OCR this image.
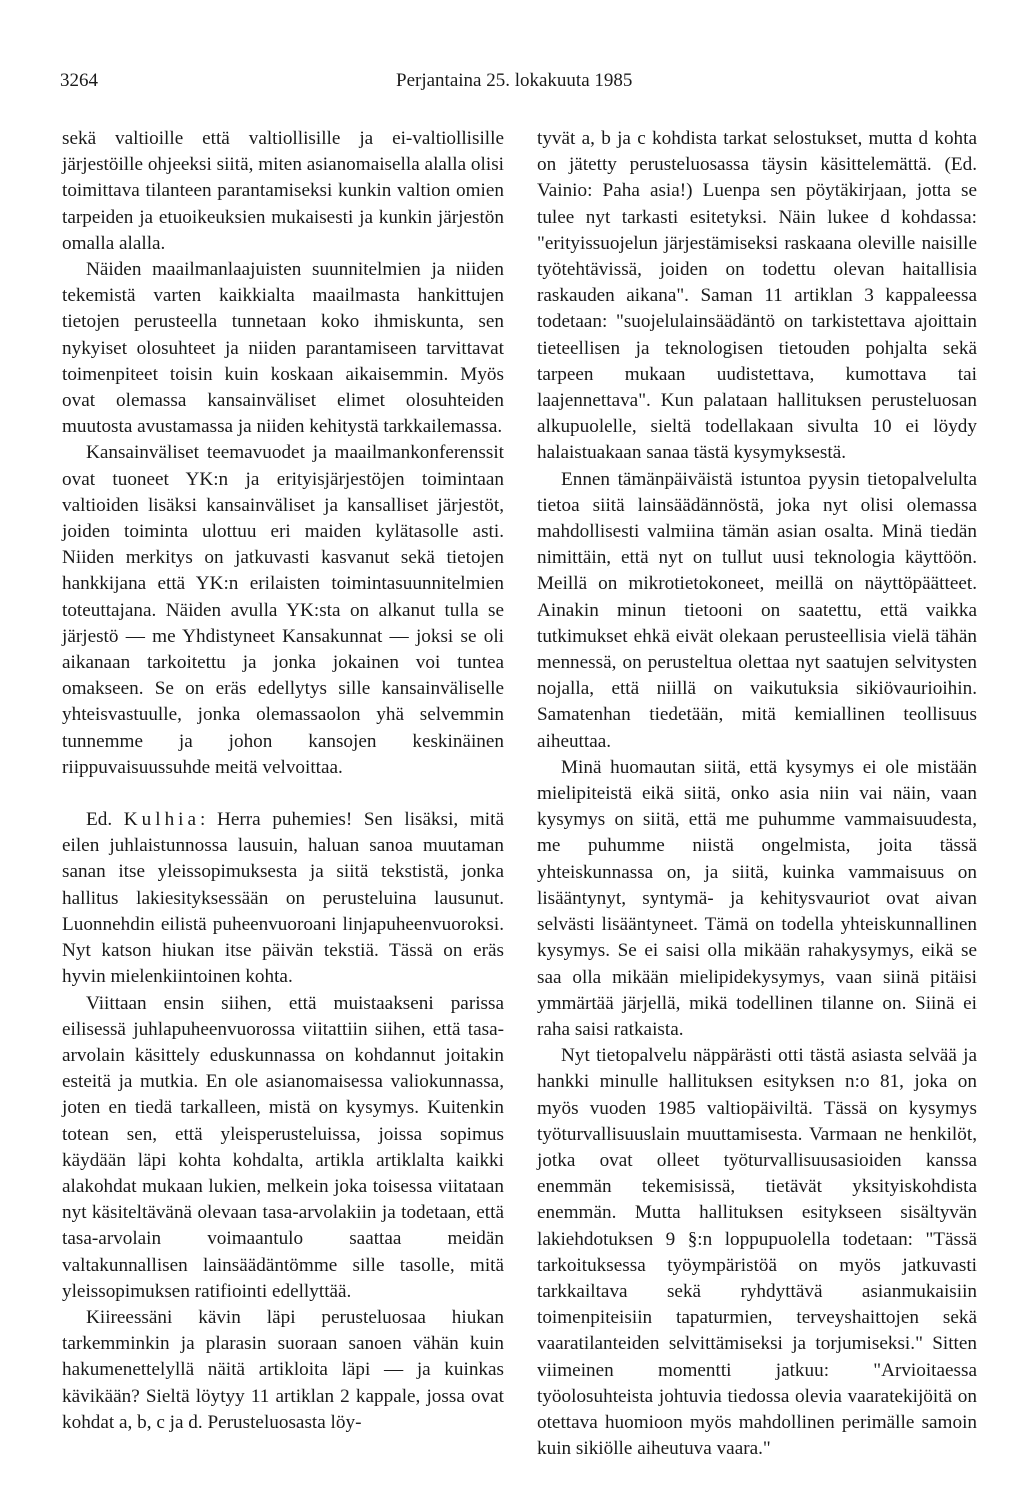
3264	Perjantaina 25. lokakuuta 1985

sekä valtioille että valtiollisille ja ei-valtiollisille järjestöille ohjeeksi siitä, miten asianomaisella alalla olisi toimittava tilanteen parantamiseksi kunkin valtion omien tarpeiden ja etuoikeuksien mukaisesti ja kunkin järjestön omalla alalla.

Näiden maailmanlaajuisten suunnitelmien ja niiden tekemistä varten kaikkialta maailmasta hankittujen tietojen perusteella tunnetaan koko ihmiskunta, sen nykyiset olosuhteet ja niiden parantamiseen tarvittavat toimenpiteet toisin kuin koskaan aikaisemmin. Myös ovat olemassa kansainväliset elimet olosuhteiden muutosta avustamassa ja niiden kehitystä tarkkailemassa.

Kansainväliset teemavuodet ja maailmankonferenssit ovat tuoneet YK:n ja erityisjärjestöjen toimintaan valtioiden lisäksi kansainväliset ja kansalliset järjestöt, joiden toiminta ulottuu eri maiden kylätasolle asti. Niiden merkitys on jatkuvasti kasvanut sekä tietojen hankkijana että YK:n erilaisten toimintasuunnitelmien toteuttajana. Näiden avulla YK:sta on alkanut tulla se järjestö — me Yhdistyneet Kansakunnat — joksi se oli aikanaan tarkoitettu ja jonka jokainen voi tuntea omakseen. Se on eräs edellytys sille kansainväliselle yhteisvastuulle, jonka olemassaolon yhä selvemmin tunnemme ja johon kansojen keskinäinen riippuvaisuussuhde meitä velvoittaa.

Ed. Kulhia: Herra puhemies! Sen lisäksi, mitä eilen juhlaistunnossa lausuin, haluan sanoa muutaman sanan itse yleissopimuksesta ja siitä tekstistä, jonka hallitus lakiesityksessään on perusteluina lausunut. Luonnehdin eilistä puheenvuoroani linjapuheenvuoroksi. Nyt katson hiukan itse päivän tekstiä. Tässä on eräs hyvin mielenkiintoinen kohta.

Viittaan ensin siihen, että muistaakseni parissa eilisessä juhlapuheenvuorossa viitattiin siihen, että tasa-arvolain käsittely eduskunnassa on kohdannut joitakin esteitä ja mutkia. En ole asianomaisessa valiokunnassa, joten en tiedä tarkalleen, mistä on kysymys. Kuitenkin totean sen, että yleisperusteluissa, joissa sopimus käydään läpi kohta kohdalta, artikla artiklalta kaikki alakohdat mukaan lukien, melkein joka toisessa viitataan nyt käsiteltävänä olevaan tasa-arvolakiin ja todetaan, että tasa-arvolain voimaantulo saattaa meidän valtakunnallisen lainsäädäntömme sille tasolle, mitä yleissopimuksen ratifiointi edellyttää.

Kiireessäni kävin läpi perusteluosaa hiukan tarkemminkin ja plarasin suoraan sanoen vähän kuin hakumenettelyllä näitä artikloita läpi — ja kuinkas kävikään? Sieltä löytyy 11 artiklan 2 kappale, jossa ovat kohdat a, b, c ja d. Perusteluosasta löy-

tyvät a, b ja c kohdista tarkat selostukset, mutta d kohta on jätetty perusteluosassa täysin käsittelemättä. (Ed. Vainio: Paha asia!) Luenpa sen pöytäkirjaan, jotta se tulee nyt tarkasti esitetyksi. Näin lukee d kohdassa: "erityissuojelun järjestämiseksi raskaana oleville naisille työtehtävissä, joiden on todettu olevan haitallisia raskauden aikana". Saman 11 artiklan 3 kappaleessa todetaan: "suojelulainsäädäntö on tarkistettava ajoittain tieteellisen ja teknologisen tietouden pohjalta sekä tarpeen mukaan uudistettava, kumottava tai laajennettava". Kun palataan hallituksen perusteluosan alkupuolelle, sieltä todellakaan sivulta 10 ei löydy halaistuakaan sanaa tästä kysymyksestä.

Ennen tämänpäiväistä istuntoa pyysin tietopalvelulta tietoa siitä lainsäädännöstä, joka nyt olisi olemassa mahdollisesti valmiina tämän asian osalta. Minä tiedän nimittäin, että nyt on tullut uusi teknologia käyttöön. Meillä on mikrotietokoneet, meillä on näyttöpäätteet. Ainakin minun tietooni on saatettu, että vaikka tutkimukset ehkä eivät olekaan perusteellisia vielä tähän mennessä, on perusteltua olettaa nyt saatujen selvitysten nojalla, että niillä on vaikutuksia sikiövaurioihin. Samatenhan tiedetään, mitä kemiallinen teollisuus aiheuttaa.

Minä huomautan siitä, että kysymys ei ole mistään mielipiteistä eikä siitä, onko asia niin vai näin, vaan kysymys on siitä, että me puhumme vammaisuudesta, me puhumme niistä ongelmista, joita tässä yhteiskunnassa on, ja siitä, kuinka vammaisuus on lisääntynyt, syntymä- ja kehitysvauriot ovat aivan selvästi lisääntyneet. Tämä on todella yhteiskunnallinen kysymys. Se ei saisi olla mikään rahakysymys, eikä se saa olla mikään mielipidekysymys, vaan siinä pitäisi ymmärtää järjellä, mikä todellinen tilanne on. Siinä ei raha saisi ratkaista.

Nyt tietopalvelu näppärästi otti tästä asiasta selvää ja hankki minulle hallituksen esityksen n:o 81, joka on myös vuoden 1985 valtiopäiviltä. Tässä on kysymys työturvallisuuslain muuttamisesta. Varmaan ne henkilöt, jotka ovat olleet työturvallisuusasioiden kanssa enemmän tekemisissä, tietävät yksityiskohdista enemmän. Mutta hallituksen esitykseen sisältyvän lakiehdotuksen 9 §:n loppupuolella todetaan: "Tässä tarkoituksessa työympäristöä on myös jatkuvasti tarkkailtava sekä ryhdyttävä asianmukaisiin toimenpiteisiin tapaturmien, terveyshaittojen sekä vaaratilanteiden selvittämiseksi ja torjumiseksi." Sitten viimeinen momentti jatkuu: "Arvioitaessa työolosuhteista johtuvia tiedossa olevia vaaratekijöitä on otettava huomioon myös mahdollinen perimälle samoin kuin sikiölle aiheutuva vaara."
